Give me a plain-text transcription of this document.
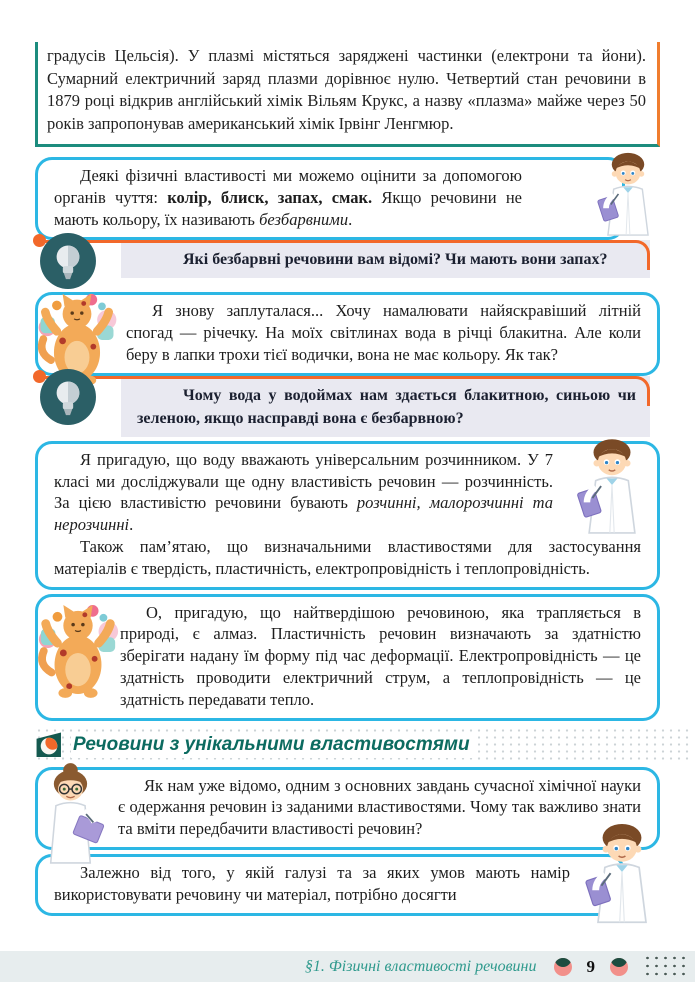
градусів Цельсія). У плазмі містяться заряджені частинки (електрони та йони). Сумарний електричний заряд плазми дорівнює нулю. Четвертий стан речовини в 1879 році відкрив англійський хімік Вільям Крукс, а назву «плазма» майже через 50 років запропонував американський хімік Ірвінг Ленгмюр.

Деякі фізичні властивості ми можемо оцінити за допомогою органів чуття: колір, блиск, запах, смак. Якщо речовини не мають кольору, їх називають безбарвними.

Які безбарвні речовини вам відомі? Чи мають вони запах?

Я знову заплуталася... Хочу намалювати найяскравіший літній спогад — річечку. На моїх світлинах вода в річці блакитна. Але коли беру в лапки трохи тієї водички, вона не має кольору. Як так?

Чому вода у водоймах нам здається блакитною, синьою чи зеленою, якщо насправді вона є безбарвною?

Я пригадую, що воду вважають універсальним розчинником. У 7 класі ми досліджували ще одну властивість речовин — розчинність. За цією властивістю речовини бувають розчинні, малорозчинні та нерозчинні.

Також пам’ятаю, що визначальними властивостями для застосування матеріалів є твердість, пластичність, електропровідність і теплопровідність.

О, пригадую, що найтвердішою речовиною, яка трапляється в природі, є алмаз. Пластичність речовин визначають за здатністю зберігати надану їм форму під час деформації. Електропровідність — це здатність проводити електричний струм, а теплопровідність — це здатність передавати тепло.

Речовини з унікальними властивостями

Як нам уже відомо, одним з основних завдань сучасної хімічної науки є одержання речовин із заданими властивостями. Чому так важливо знати та вміти передбачити властивості речовин?

Залежно від того, у якій галузі та за яких умов мають намір використовувати речовину чи матеріал, потрібно досягти

§1. Фізичні властивості речовини	9
